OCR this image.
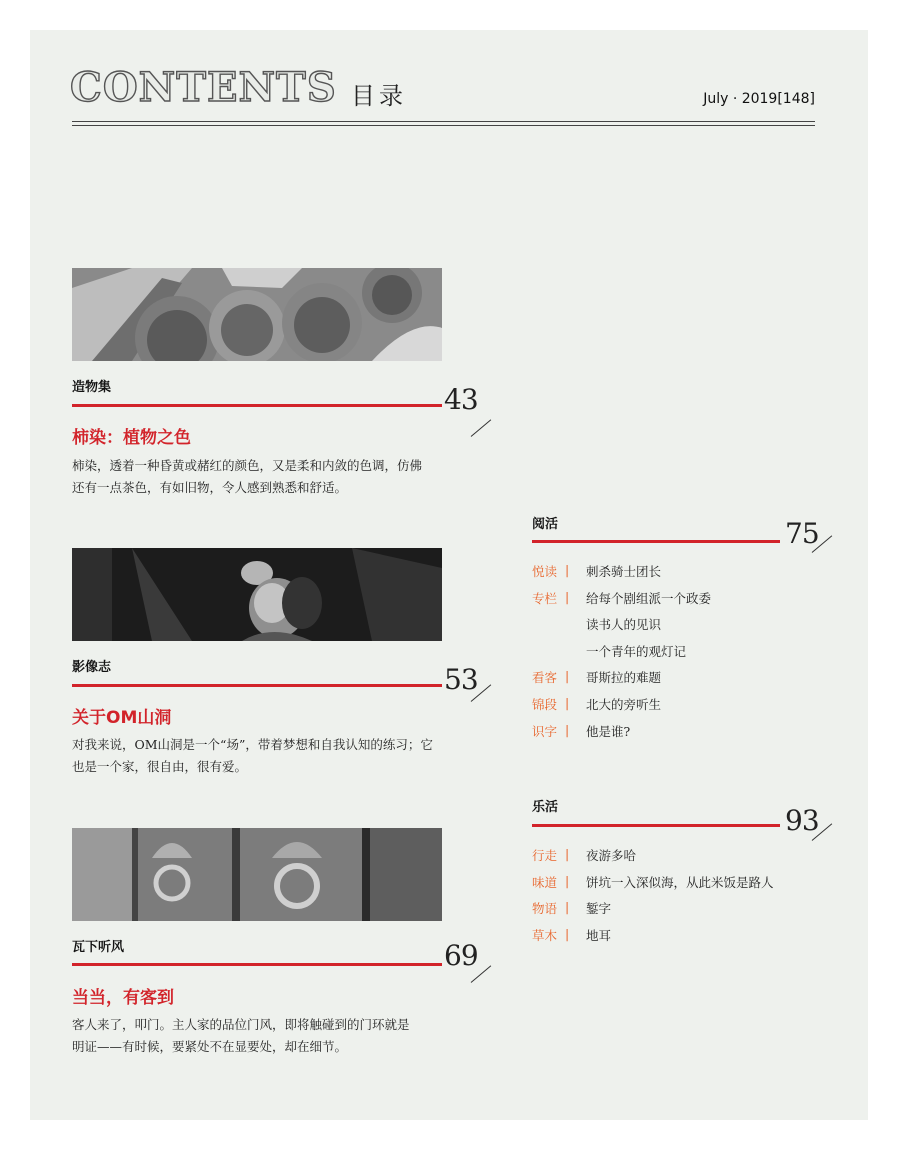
CONTENTS 目录	July · 2019[148]
造物集	43
柿染：植物之色
柿染，透着一种昏黄或赭红的颜色，又是柔和内敛的色调，仿佛
还有一点茶色，有如旧物，令人感到熟悉和舒适。
影像志	53
关于OM山洞
对我来说，OM山洞是一个“场”，带着梦想和自我认知的练习；它
也是一个家，很自由，很有爱。
瓦下听风	69
当当，有客到
客人来了，叩门。主人家的品位门风，即将触碰到的门环就是
明证——有时候，要紧处不在显要处，却在细节。
阅活	75
悦读 | 刺杀骑士团长
专栏 | 给每个剧组派一个政委
读书人的见识
一个青年的观灯记
看客 | 哥斯拉的难题
锦段 | 北大的旁听生
识字 | 他是谁?
乐活	93
行走 | 夜游多哈
味道 | 饼坑一入深似海，从此米饭是路人
物语 | 錾字
草木 | 地耳
